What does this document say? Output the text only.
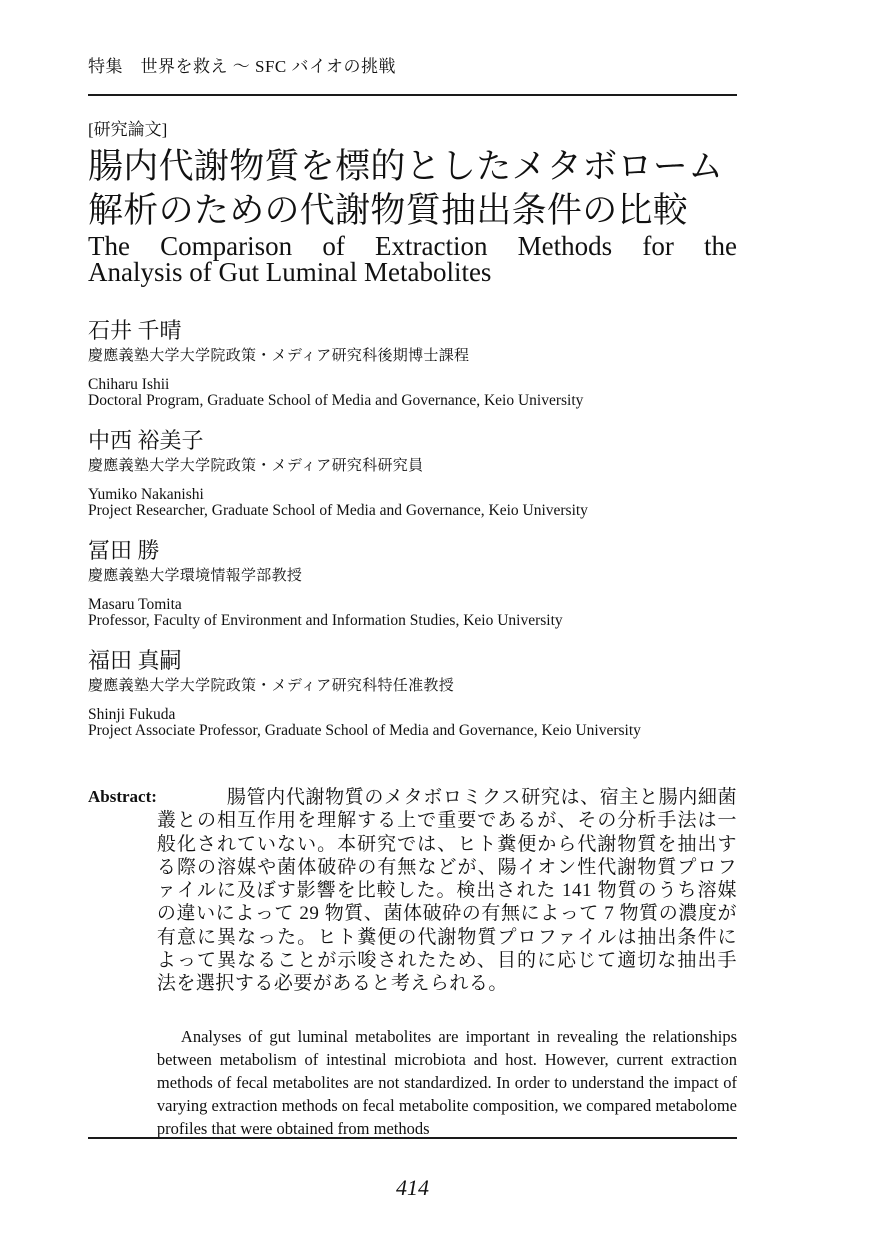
特集　世界を救え ～ SFC バイオの挑戦
[研究論文]
腸内代謝物質を標的としたメタボローム
解析のための代謝物質抽出条件の比較
The Comparison of Extraction Methods for the
Analysis of Gut Luminal Metabolites
石井 千晴
慶應義塾大学大学院政策・メディア研究科後期博士課程
Chiharu Ishii
Doctoral Program, Graduate School of Media and Governance, Keio University
中西 裕美子
慶應義塾大学大学院政策・メディア研究科研究員
Yumiko Nakanishi
Project Researcher, Graduate School of Media and Governance, Keio University
冨田 勝
慶應義塾大学環境情報学部教授
Masaru Tomita
Professor, Faculty of Environment and Information Studies, Keio University
福田 真嗣
慶應義塾大学大学院政策・メディア研究科特任准教授
Shinji Fukuda
Project Associate Professor, Graduate School of Media and Governance, Keio University
Abstract:	腸管内代謝物質のメタボロミクス研究は、宿主と腸内細菌叢との相互作用を理解する上で重要であるが、その分析手法は一般化されていない。本研究では、ヒト糞便から代謝物質を抽出する際の溶媒や菌体破砕の有無などが、陽イオン性代謝物質プロファイルに及ぼす影響を比較した。検出された 141 物質のうち溶媒の違いによって 29 物質、菌体破砕の有無によって 7 物質の濃度が有意に異なった。ヒト糞便の代謝物質プロファイルは抽出条件によって異なることが示唆されたため、目的に応じて適切な抽出手法を選択する必要があると考えられる。

Analyses of gut luminal metabolites are important in revealing the relationships between metabolism of intestinal microbiota and host. However, current extraction methods of fecal metabolites are not standardized. In order to understand the impact of varying extraction methods on fecal metabolite composition, we compared metabolome profiles that were obtained from methods

414
